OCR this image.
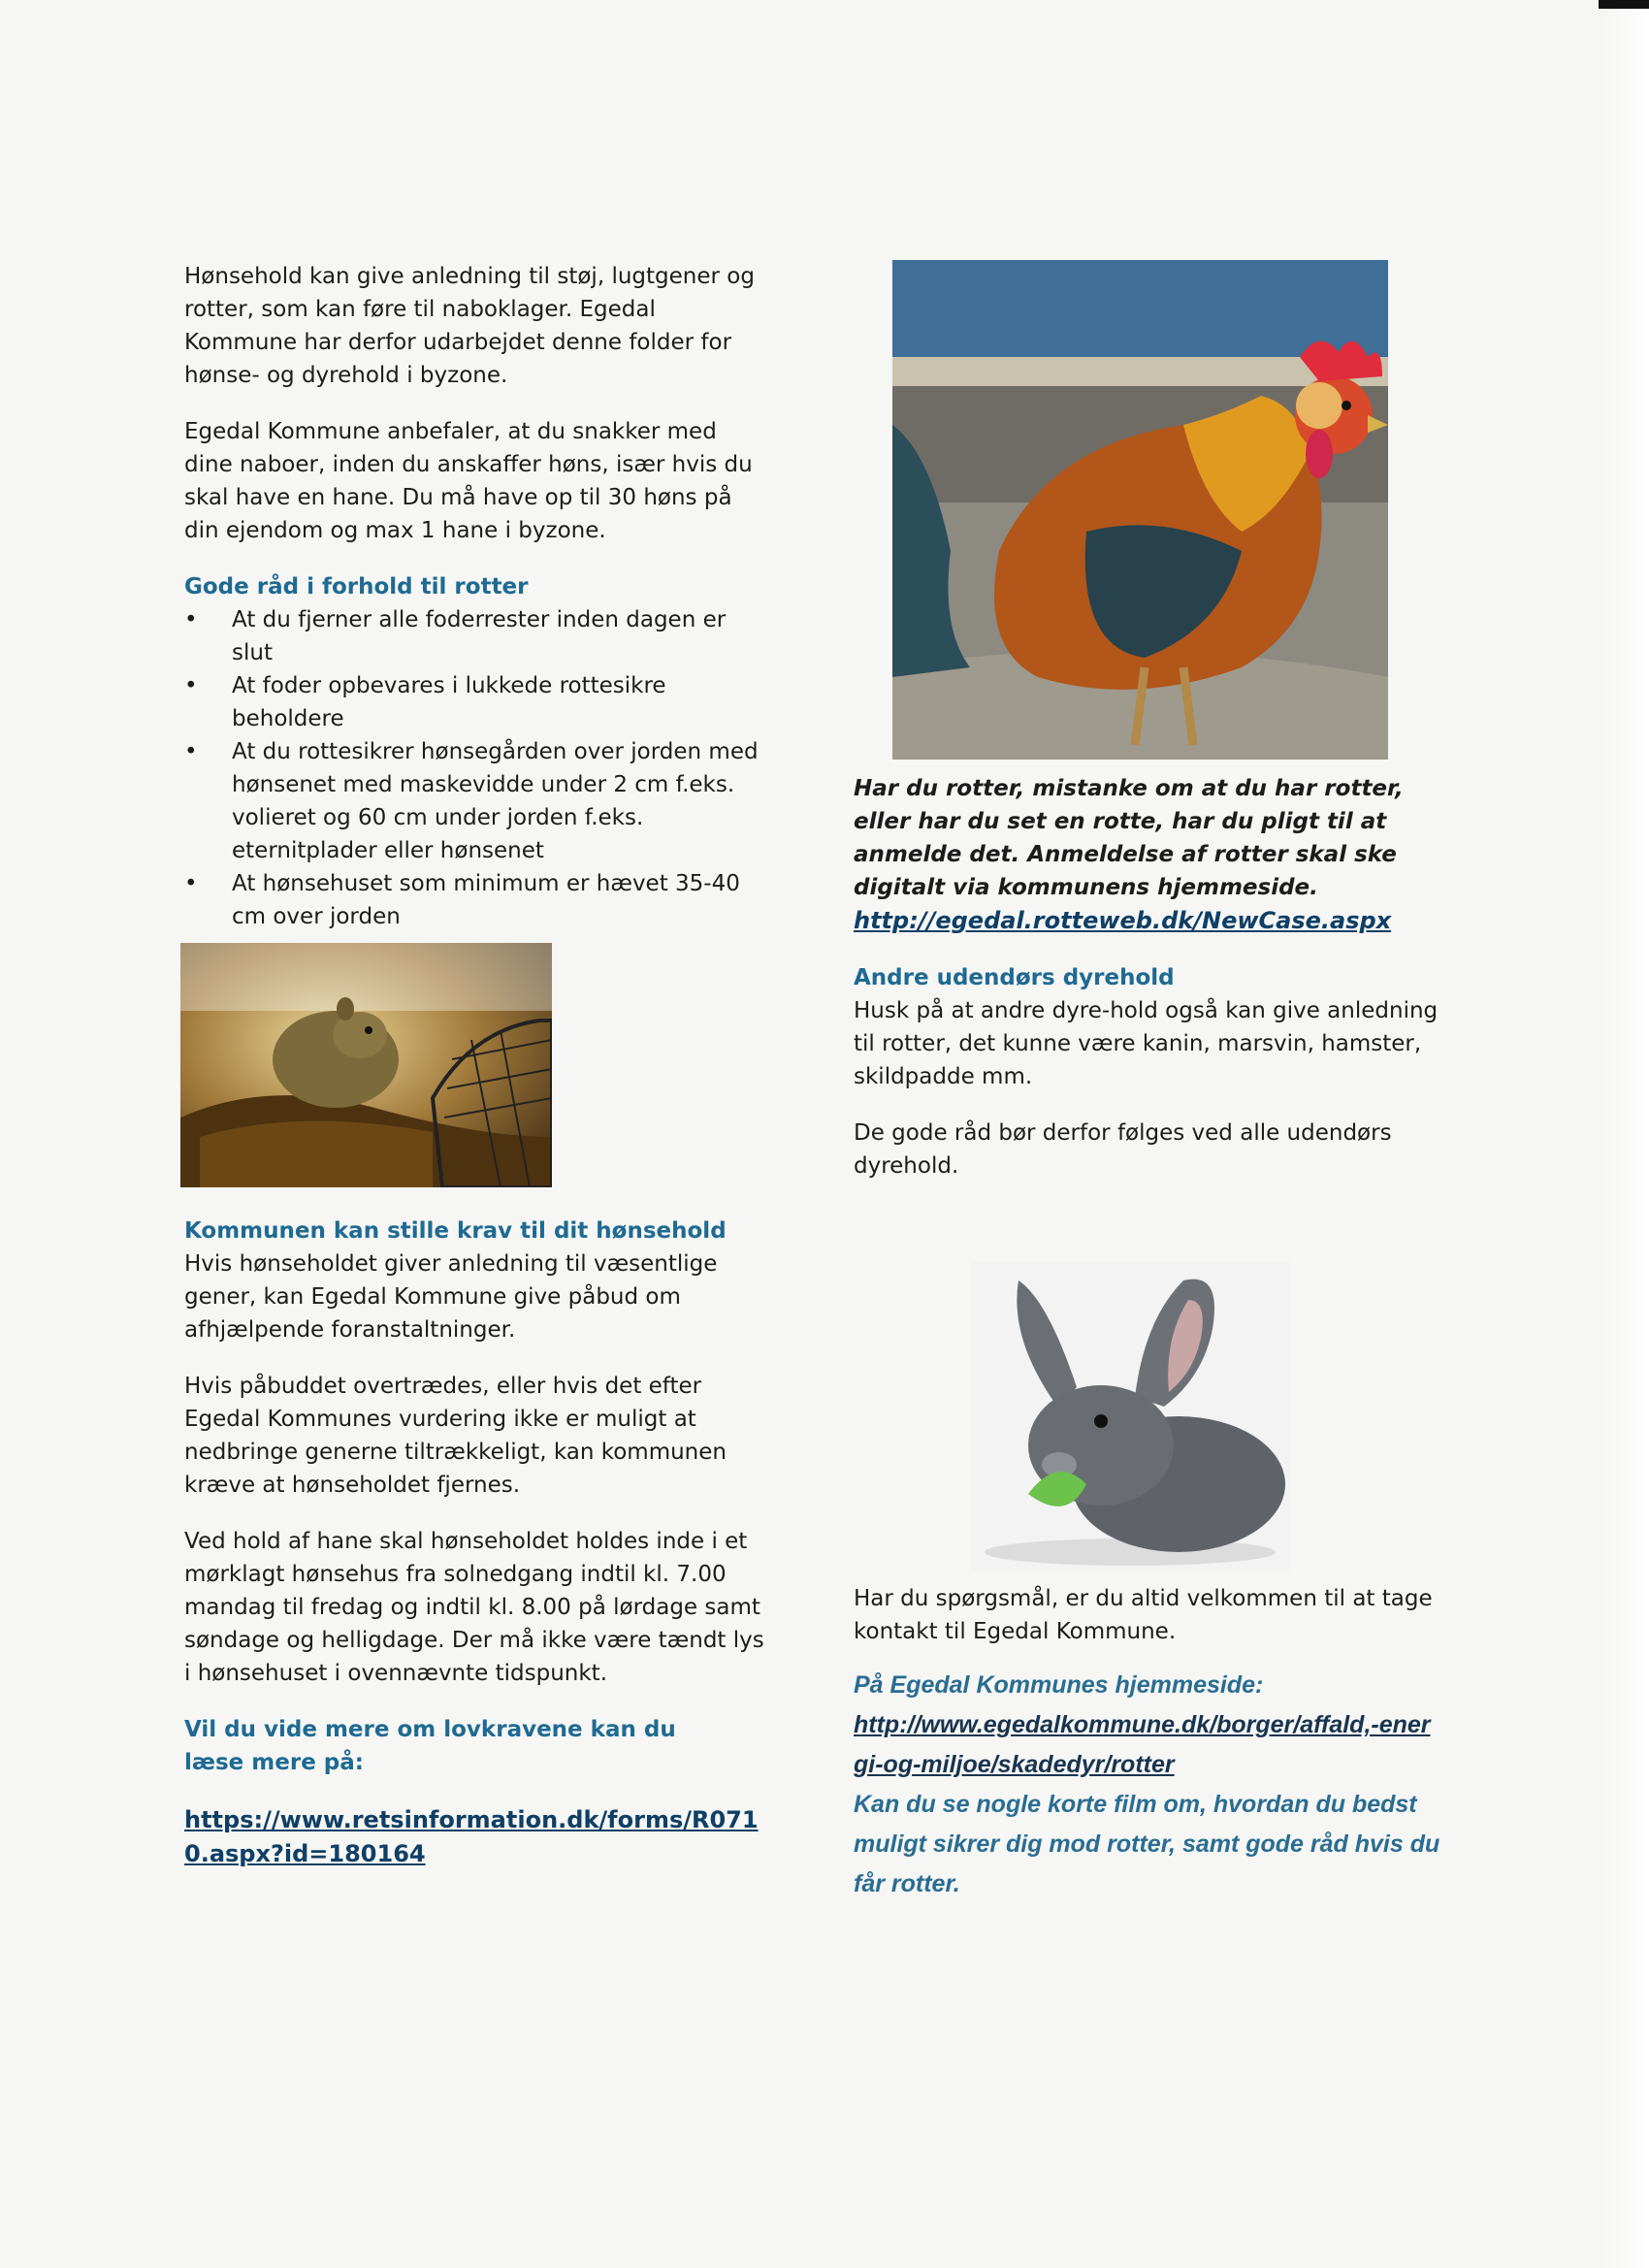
Hønsehold kan give anledning til støj, lugtgener og rotter, som kan føre til naboklager. Egedal Kommune har derfor udarbejdet denne folder for hønse- og dyrehold i byzone.

Egedal Kommune anbefaler, at du snakker med dine naboer, inden du anskaffer høns, især hvis du skal have en hane. Du må have op til 30 høns på din ejendom og max 1 hane i byzone.

Gode råd i forhold til rotter
• At du fjerner alle foderrester inden dagen er slut
• At foder opbevares i lukkede rottesikre beholdere
• At du rottesikrer hønsegården over jorden med hønsenet med maskevidde under 2 cm f.eks. volieret og 60 cm under jorden f.eks. eternitplader eller hønsenet
• At hønsehuset som minimum er hævet 35-40 cm over jorden
Kommunen kan stille krav til dit hønsehold

Hvis hønseholdet giver anledning til væsentlige gener, kan Egedal Kommune give påbud om afhjælpende foranstaltninger.

Hvis påbuddet overtrædes, eller hvis det efter Egedal Kommunes vurdering ikke er muligt at nedbringe generne tiltrækkeligt, kan kommunen kræve at hønseholdet fjernes.

Ved hold af hane skal hønseholdet holdes inde i et mørklagt hønsehus fra solnedgang indtil kl. 7.00 mandag til fredag og indtil kl. 8.00 på lørdage samt søndage og helligdage. Der må ikke være tændt lys i hønsehuset i ovennævnte tidspunkt.

Vil du vide mere om lovkravene kan du læse mere på:

https://www.retsinformation.dk/forms/R0710.aspx?id=180164

Har du rotter, mistanke om at du har rotter, eller har du set en rotte, har du pligt til at anmelde det. Anmeldelse af rotter skal ske digitalt via kommunens hjemmeside.

http://egedal.rotteweb.dk/NewCase.aspx

Andre udendørs dyrehold

Husk på at andre dyre-hold også kan give anledning til rotter, det kunne være kanin, marsvin, hamster, skildpadde mm.

De gode råd bør derfor følges ved alle udendørs dyrehold.

Har du spørgsmål, er du altid velkommen til at tage kontakt til Egedal Kommune.

På Egedal Kommunes hjemmeside:
http://www.egedalkommune.dk/borger/affald,-energi-og-miljoe/skadedyr/rotter
Kan du se nogle korte film om, hvordan du bedst muligt sikrer dig mod rotter, samt gode råd hvis du får rotter.
